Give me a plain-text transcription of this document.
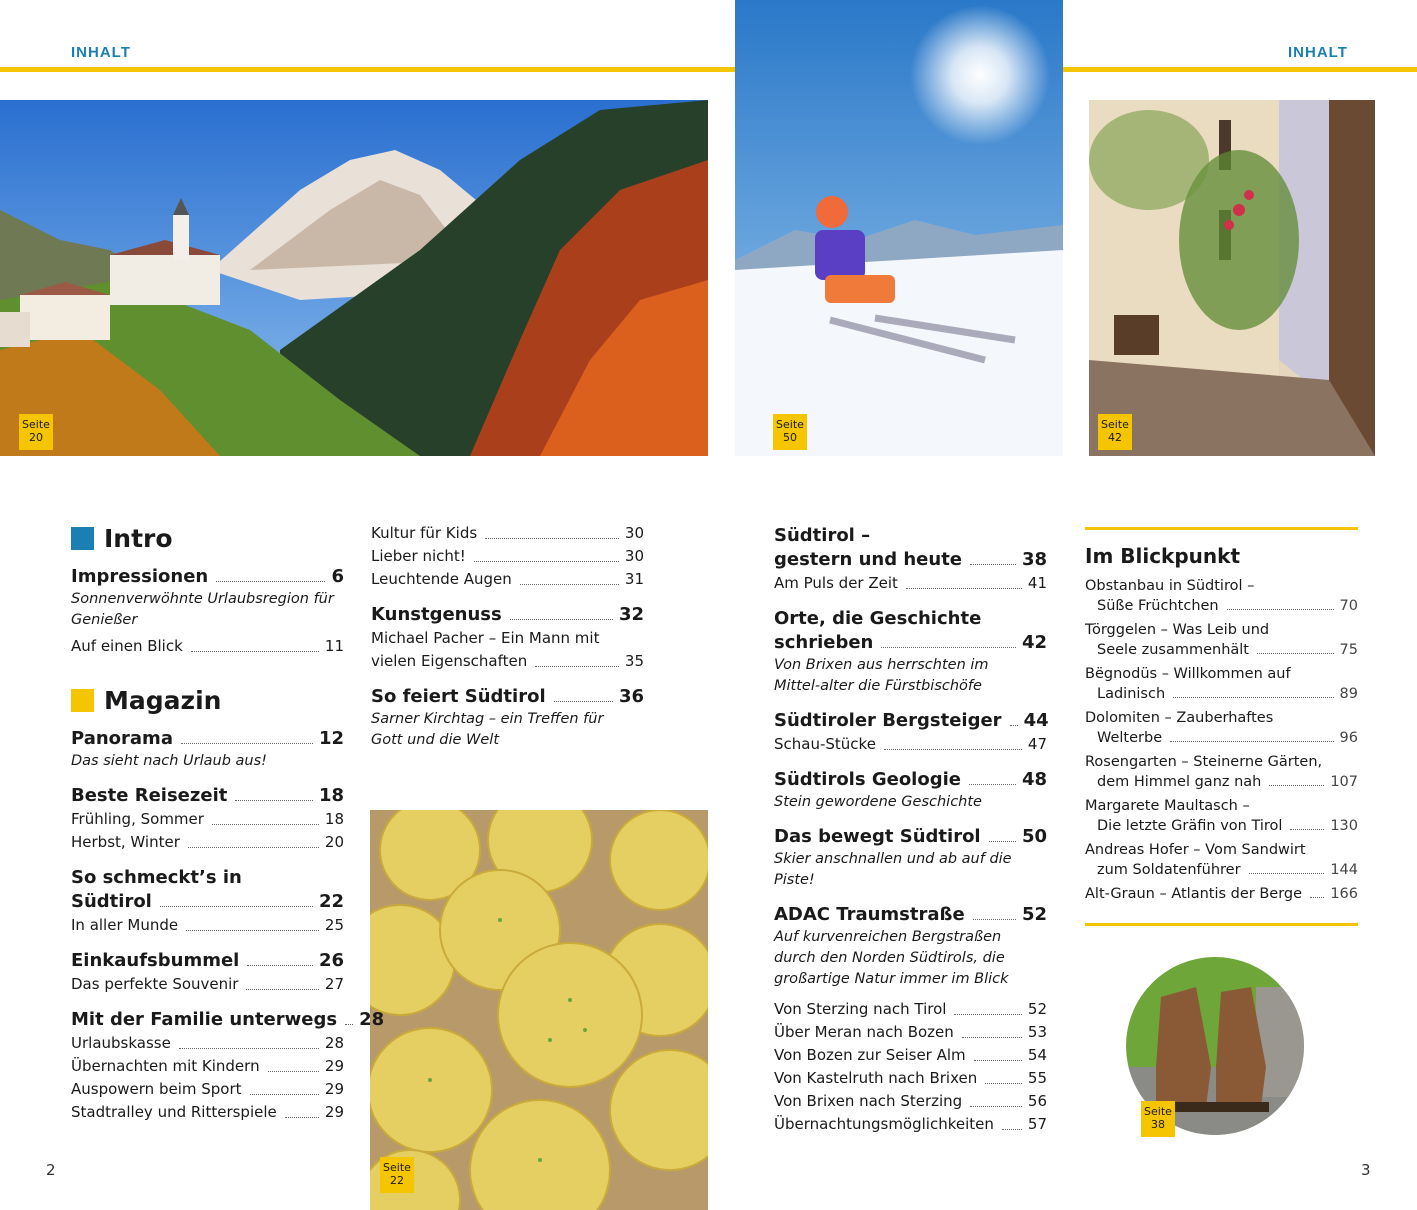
INHALT	INHALT
Seite
20
Seite
50
Seite
42
Seite
22
Seite
38
2	3
Intro
Impressionen	6
Sonnenverwöhnte Urlaubsregion für Genießer
Auf einen Blick	11
Magazin
Panorama	12
Das sieht nach Urlaub aus!
Beste Reisezeit	18
Frühling, Sommer	18
Herbst, Winter	20
So schmeckt’s in
Südtirol	22
In aller Munde	25
Einkaufsbummel	26
Das perfekte Souvenir	27
Mit der Familie unterwegs 28
Urlaubskasse	28
Übernachten mit Kindern	29
Auspowern beim Sport	29
Stadtralley und Ritterspiele	29
Kultur für Kids	30
Lieber nicht!	30
Leuchtende Augen	31
Kunstgenuss	32
Michael Pacher – Ein Mann mit
vielen Eigenschaften	35
So feiert Südtirol	36
Sarner Kirchtag – ein Treffen für Gott und die Welt
Südtirol –
gestern und heute	38
Am Puls der Zeit	41
Orte, die Geschichte
schrieben	42
Von Brixen aus herrschten im Mittel-alter die Fürstbischöfe
Südtiroler Bergsteiger 44
Schau-Stücke	47
Südtirols Geologie	48
Stein gewordene Geschichte
Das bewegt Südtirol 50
Skier anschnallen und ab auf die Piste!
ADAC Traumstraße	52
Auf kurvenreichen Bergstraßen durch den Norden Südtirols, die großartige Natur immer im Blick
Von Sterzing nach Tirol	52
Über Meran nach Bozen	53
Von Bozen zur Seiser Alm	54
Von Kastelruth nach Brixen	55
Von Brixen nach Sterzing	56
Übernachtungsmöglichkeiten 57
Im Blickpunkt
Obstanbau in Südtirol –
Süße Früchtchen	70
Törggelen – Was Leib und
Seele zusammenhält	75
Bëgnodüs – Willkommen auf
Ladinisch	89
Dolomiten – Zauberhaftes
Welterbe	96
Rosengarten – Steinerne Gärten,
dem Himmel ganz nah	107
Margarete Maultasch –
Die letzte Gräfin von Tirol	130
Andreas Hofer – Vom Sandwirt
zum Soldatenführer	144
Alt-Graun – Atlantis der Berge 166
